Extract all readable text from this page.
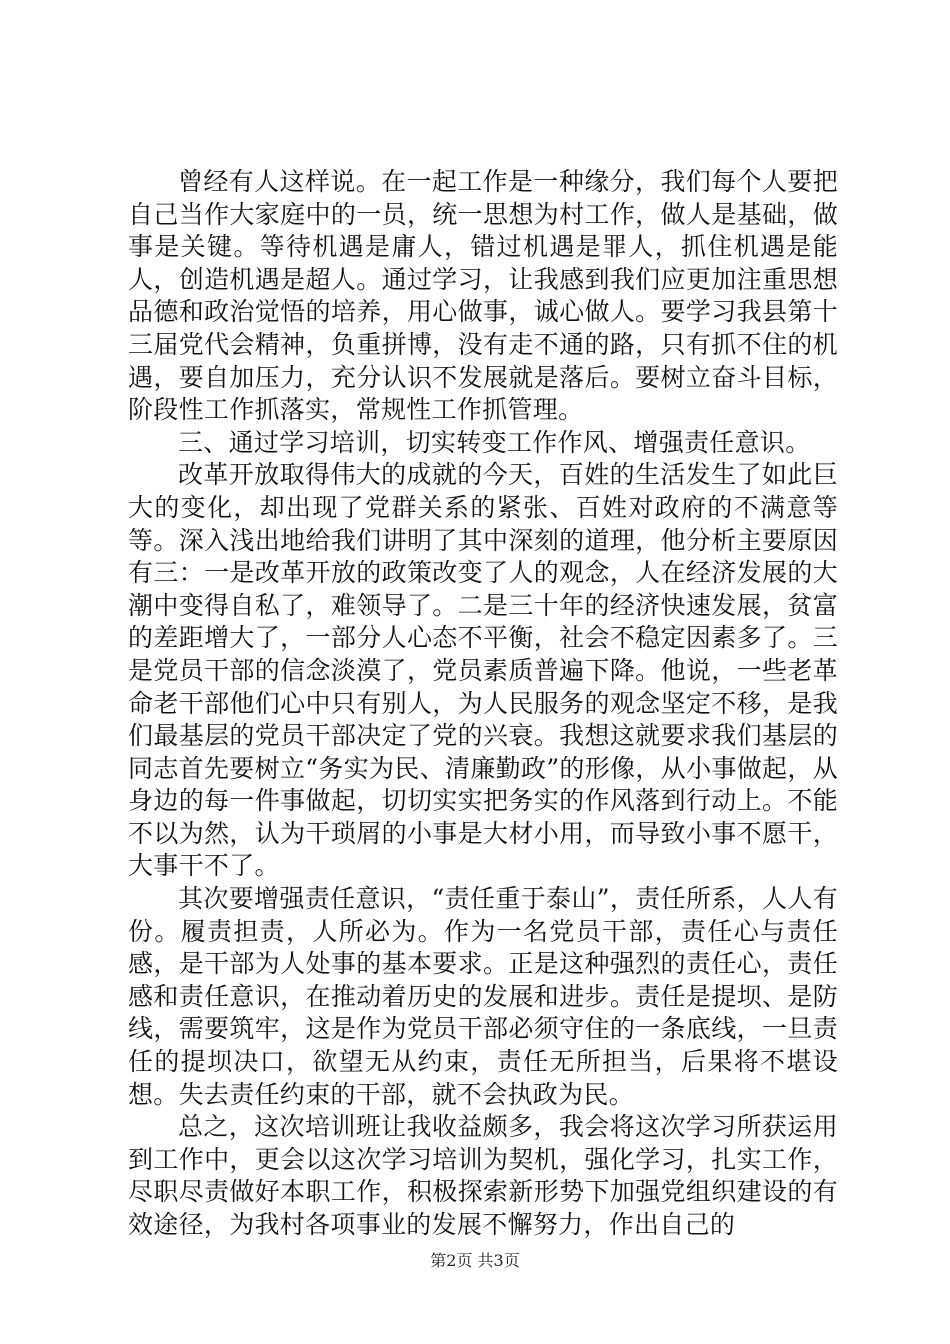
曾经有人这样说。在一起工作是一种缘分，我们每个人要把自己当作大家庭中的一员，统一思想为村工作，做人是基础，做事是关键。等待机遇是庸人，错过机遇是罪人，抓住机遇是能人，创造机遇是超人。通过学习，让我感到我们应更加注重思想品德和政治觉悟的培养，用心做事，诚心做人。要学习我县第十三届党代会精神，负重拼博，没有走不通的路，只有抓不住的机遇，要自加压力，充分认识不发展就是落后。要树立奋斗目标，阶段性工作抓落实，常规性工作抓管理。

三、通过学习培训，切实转变工作作风、增强责任意识。

改革开放取得伟大的成就的今天，百姓的生活发生了如此巨大的变化，却出现了党群关系的紧张、百姓对政府的不满意等等。深入浅出地给我们讲明了其中深刻的道理，他分析主要原因有三：一是改革开放的政策改变了人的观念，人在经济发展的大潮中变得自私了，难领导了。二是三十年的经济快速发展，贫富的差距增大了，一部分人心态不平衡，社会不稳定因素多了。三是党员干部的信念淡漠了，党员素质普遍下降。他说，一些老革命老干部他们心中只有别人，为人民服务的观念坚定不移，是我们最基层的党员干部决定了党的兴衰。我想这就要求我们基层的同志首先要树立“务实为民、清廉勤政”的形像，从小事做起，从身边的每一件事做起，切切实实把务实的作风落到行动上。不能不以为然，认为干琐屑的小事是大材小用，而导致小事不愿干，大事干不了。

其次要增强责任意识，“责任重于泰山”，责任所系，人人有份。履责担责，人所必为。作为一名党员干部，责任心与责任感，是干部为人处事的基本要求。正是这种强烈的责任心，责任感和责任意识，在推动着历史的发展和进步。责任是提坝、是防线，需要筑牢，这是作为党员干部必须守住的一条底线，一旦责任的提坝决口，欲望无从约束，责任无所担当，后果将不堪设想。失去责任约束的干部，就不会执政为民。

总之，这次培训班让我收益颇多，我会将这次学习所获运用到工作中，更会以这次学习培训为契机，强化学习，扎实工作，尽职尽责做好本职工作，积极探索新形势下加强党组织建设的有效途径，为我村各项事业的发展不懈努力，作出自己的

第2页 共3页
